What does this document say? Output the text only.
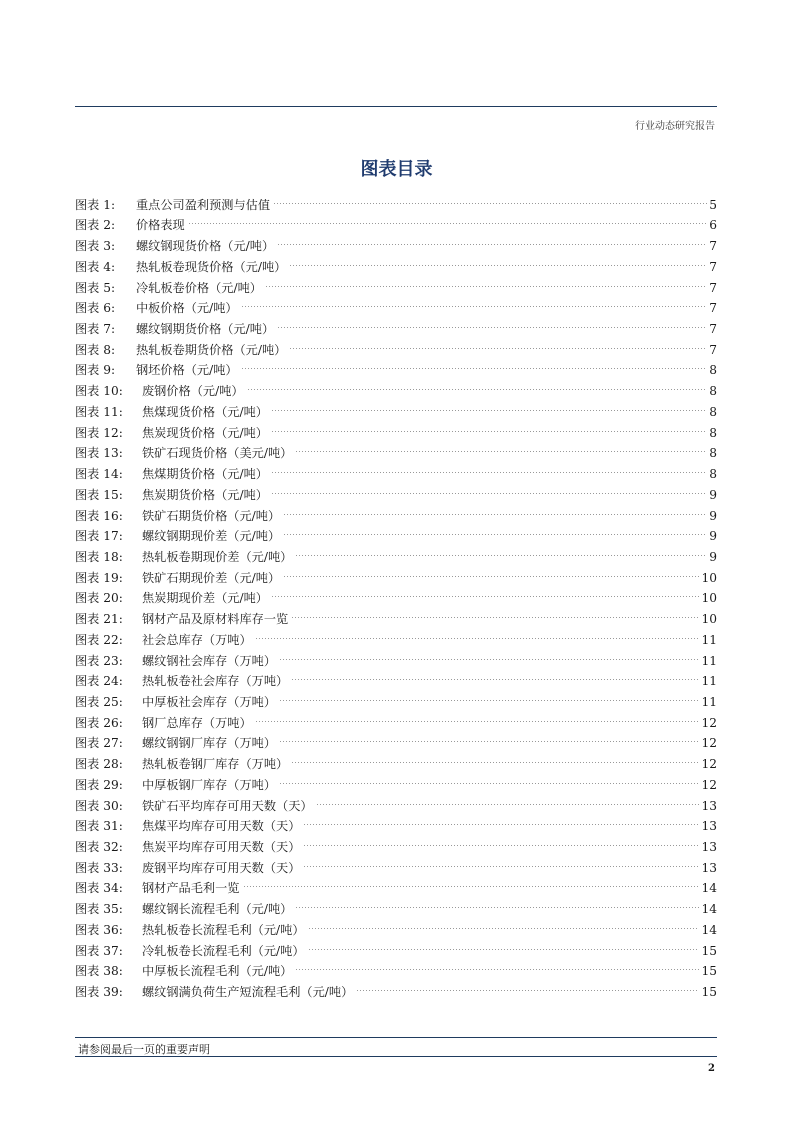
行业动态研究报告
图表目录
图表 1:	重点公司盈利预测与估值	5
图表 2:	价格表现	6
图表 3:	螺纹钢现货价格（元/吨）	7
图表 4:	热轧板卷现货价格（元/吨）	7
图表 5:	冷轧板卷价格（元/吨）	7
图表 6:	中板价格（元/吨）	7
图表 7:	螺纹钢期货价格（元/吨）	7
图表 8:	热轧板卷期货价格（元/吨）	7
图表 9:	钢坯价格（元/吨）	8
图表 10:	废钢价格（元/吨）	8
图表 11:	焦煤现货价格（元/吨）	8
图表 12:	焦炭现货价格（元/吨）	8
图表 13:	铁矿石现货价格（美元/吨）	8
图表 14:	焦煤期货价格（元/吨）	8
图表 15:	焦炭期货价格（元/吨）	9
图表 16:	铁矿石期货价格（元/吨）	9
图表 17:	螺纹钢期现价差（元/吨）	9
图表 18:	热轧板卷期现价差（元/吨）	9
图表 19:	铁矿石期现价差（元/吨）	10
图表 20:	焦炭期现价差（元/吨）	10
图表 21:	钢材产品及原材料库存一览	10
图表 22:	社会总库存（万吨）	11
图表 23:	螺纹钢社会库存（万吨）	11
图表 24:	热轧板卷社会库存（万吨）	11
图表 25:	中厚板社会库存（万吨）	11
图表 26:	钢厂总库存（万吨）	12
图表 27:	螺纹钢钢厂库存（万吨）	12
图表 28:	热轧板卷钢厂库存（万吨）	12
图表 29:	中厚板钢厂库存（万吨）	12
图表 30:	铁矿石平均库存可用天数（天）	13
图表 31:	焦煤平均库存可用天数（天）	13
图表 32:	焦炭平均库存可用天数（天）	13
图表 33:	废钢平均库存可用天数（天）	13
图表 34:	钢材产品毛利一览	14
图表 35:	螺纹钢长流程毛利（元/吨）	14
图表 36:	热轧板卷长流程毛利（元/吨）	14
图表 37:	冷轧板卷长流程毛利（元/吨）	15
图表 38:	中厚板长流程毛利（元/吨）	15
图表 39:	螺纹钢满负荷生产短流程毛利（元/吨）	15
请参阅最后一页的重要声明
2
